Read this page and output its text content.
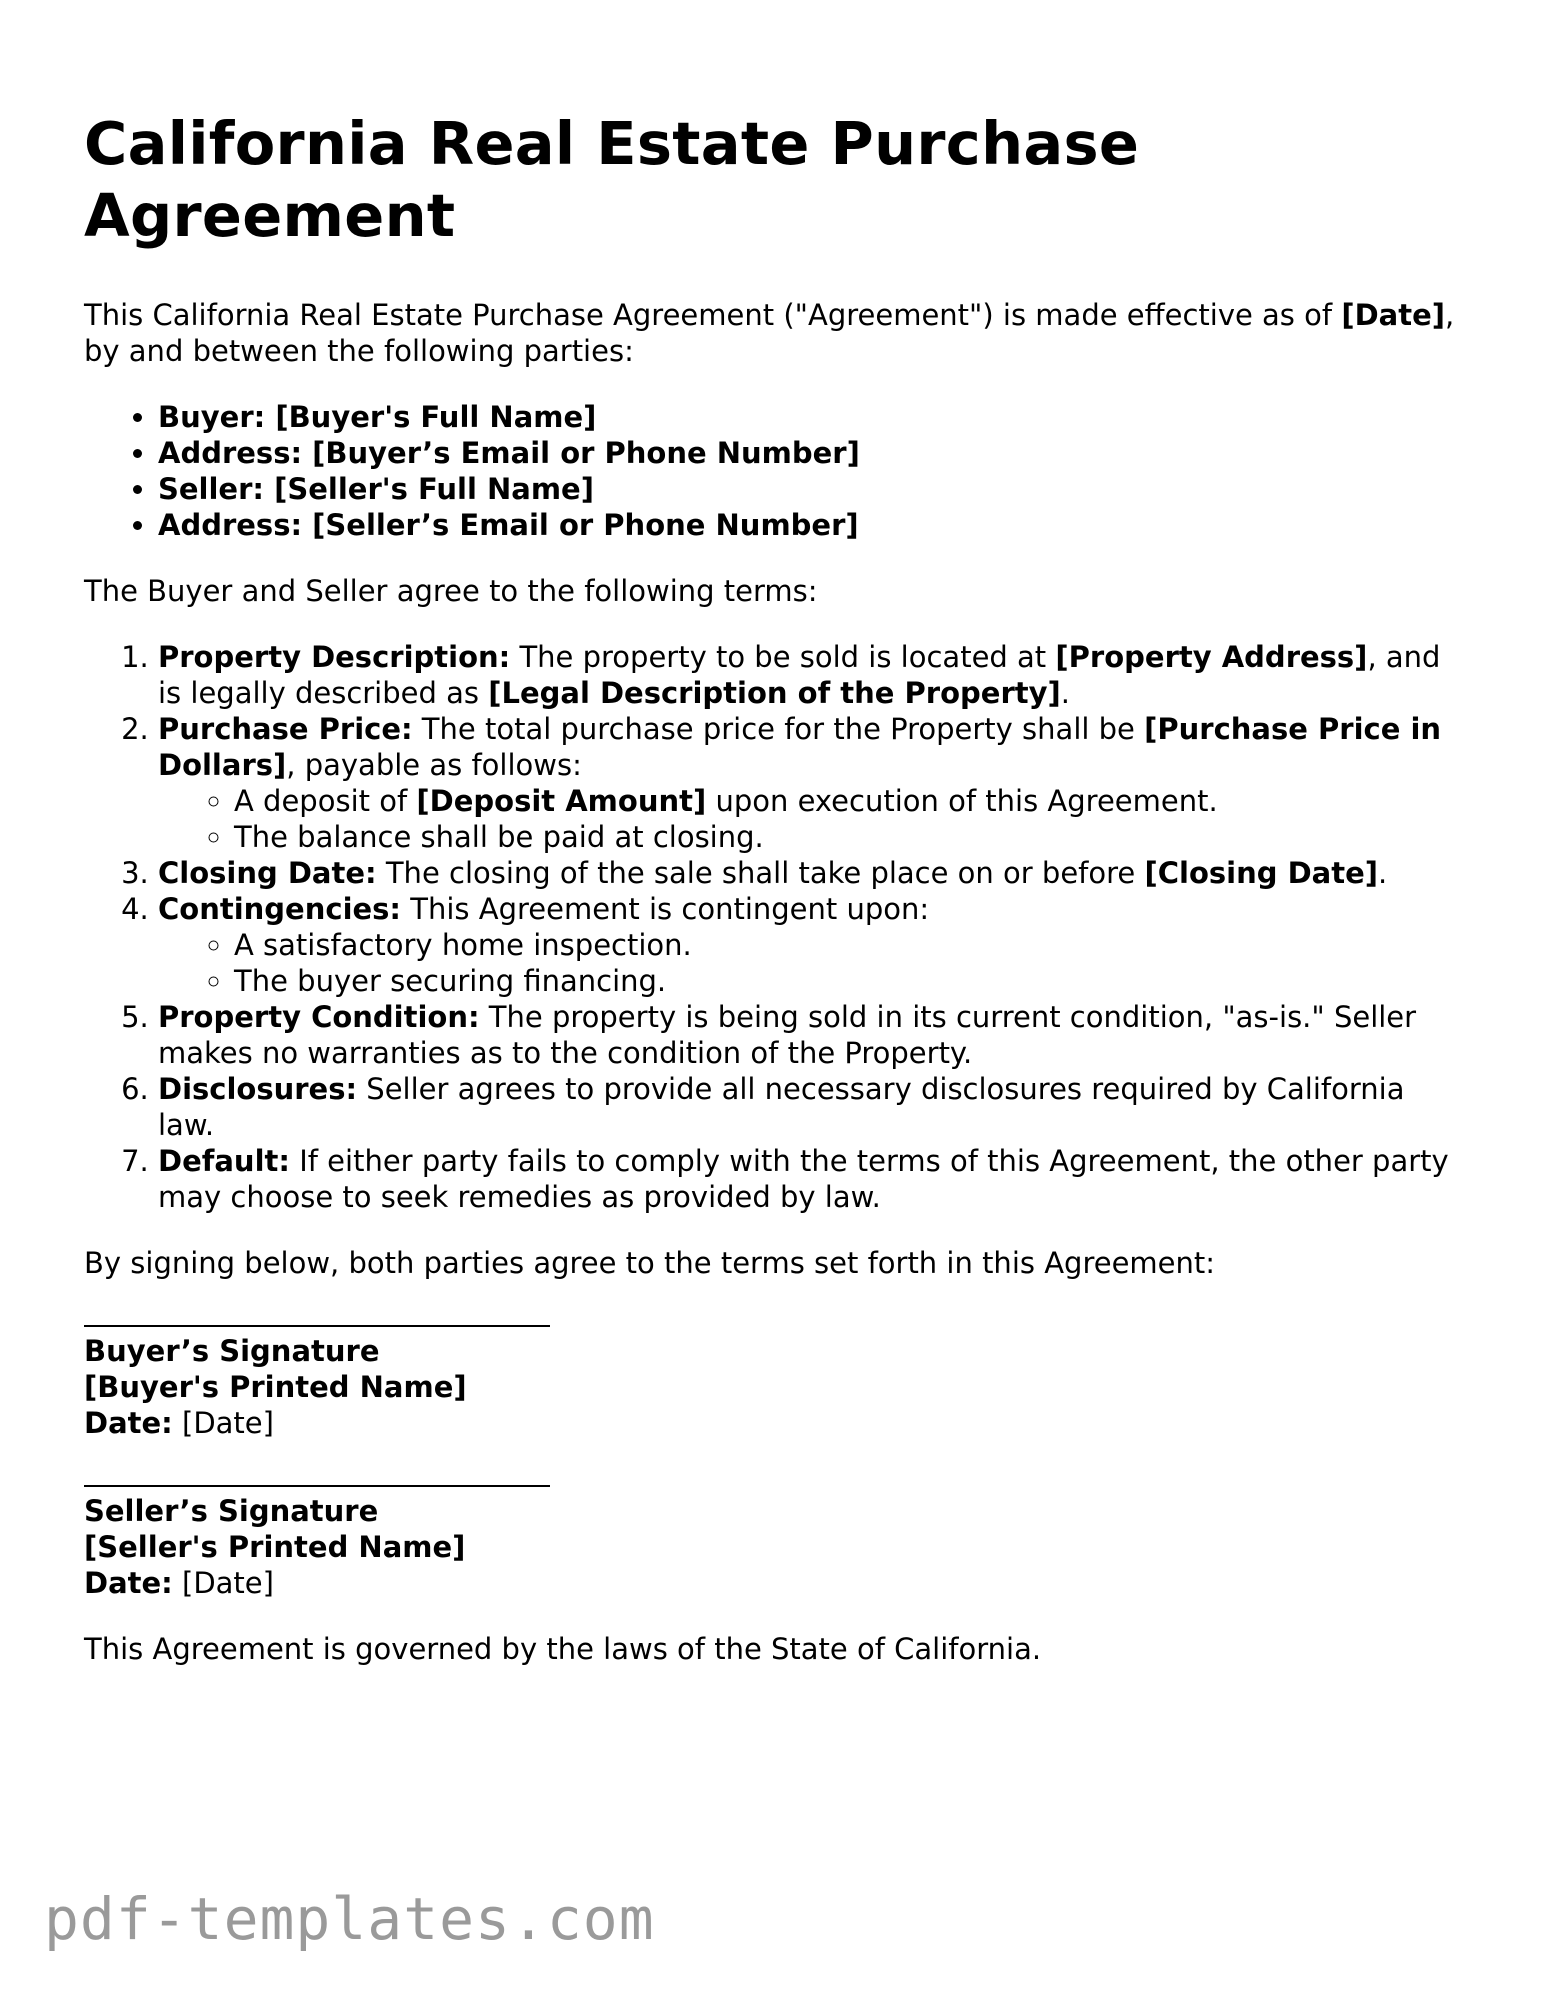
California Real Estate Purchase Agreement

This California Real Estate Purchase Agreement ("Agreement") is made effective as of [Date], by and between the following parties:

• Buyer: [Buyer's Full Name]
• Address: [Buyer’s Email or Phone Number]
• Seller: [Seller's Full Name]
• Address: [Seller’s Email or Phone Number]

The Buyer and Seller agree to the following terms:

1. Property Description: The property to be sold is located at [Property Address], and is legally described as [Legal Description of the Property].
2. Purchase Price: The total purchase price for the Property shall be [Purchase Price in Dollars], payable as follows:
◦ A deposit of [Deposit Amount] upon execution of this Agreement.
◦ The balance shall be paid at closing.
3. Closing Date: The closing of the sale shall take place on or before [Closing Date].
4. Contingencies: This Agreement is contingent upon:
◦ A satisfactory home inspection.
◦ The buyer securing financing.
5. Property Condition: The property is being sold in its current condition, "as-is." Seller makes no warranties as to the condition of the Property.
6. Disclosures: Seller agrees to provide all necessary disclosures required by California law.
7. Default: If either party fails to comply with the terms of this Agreement, the other party may choose to seek remedies as provided by law.

By signing below, both parties agree to the terms set forth in this Agreement:

Buyer’s Signature
[Buyer's Printed Name]
Date: [Date]
Seller’s Signature
[Seller's Printed Name]
Date: [Date]

This Agreement is governed by the laws of the State of California.

pdf-templates.com
